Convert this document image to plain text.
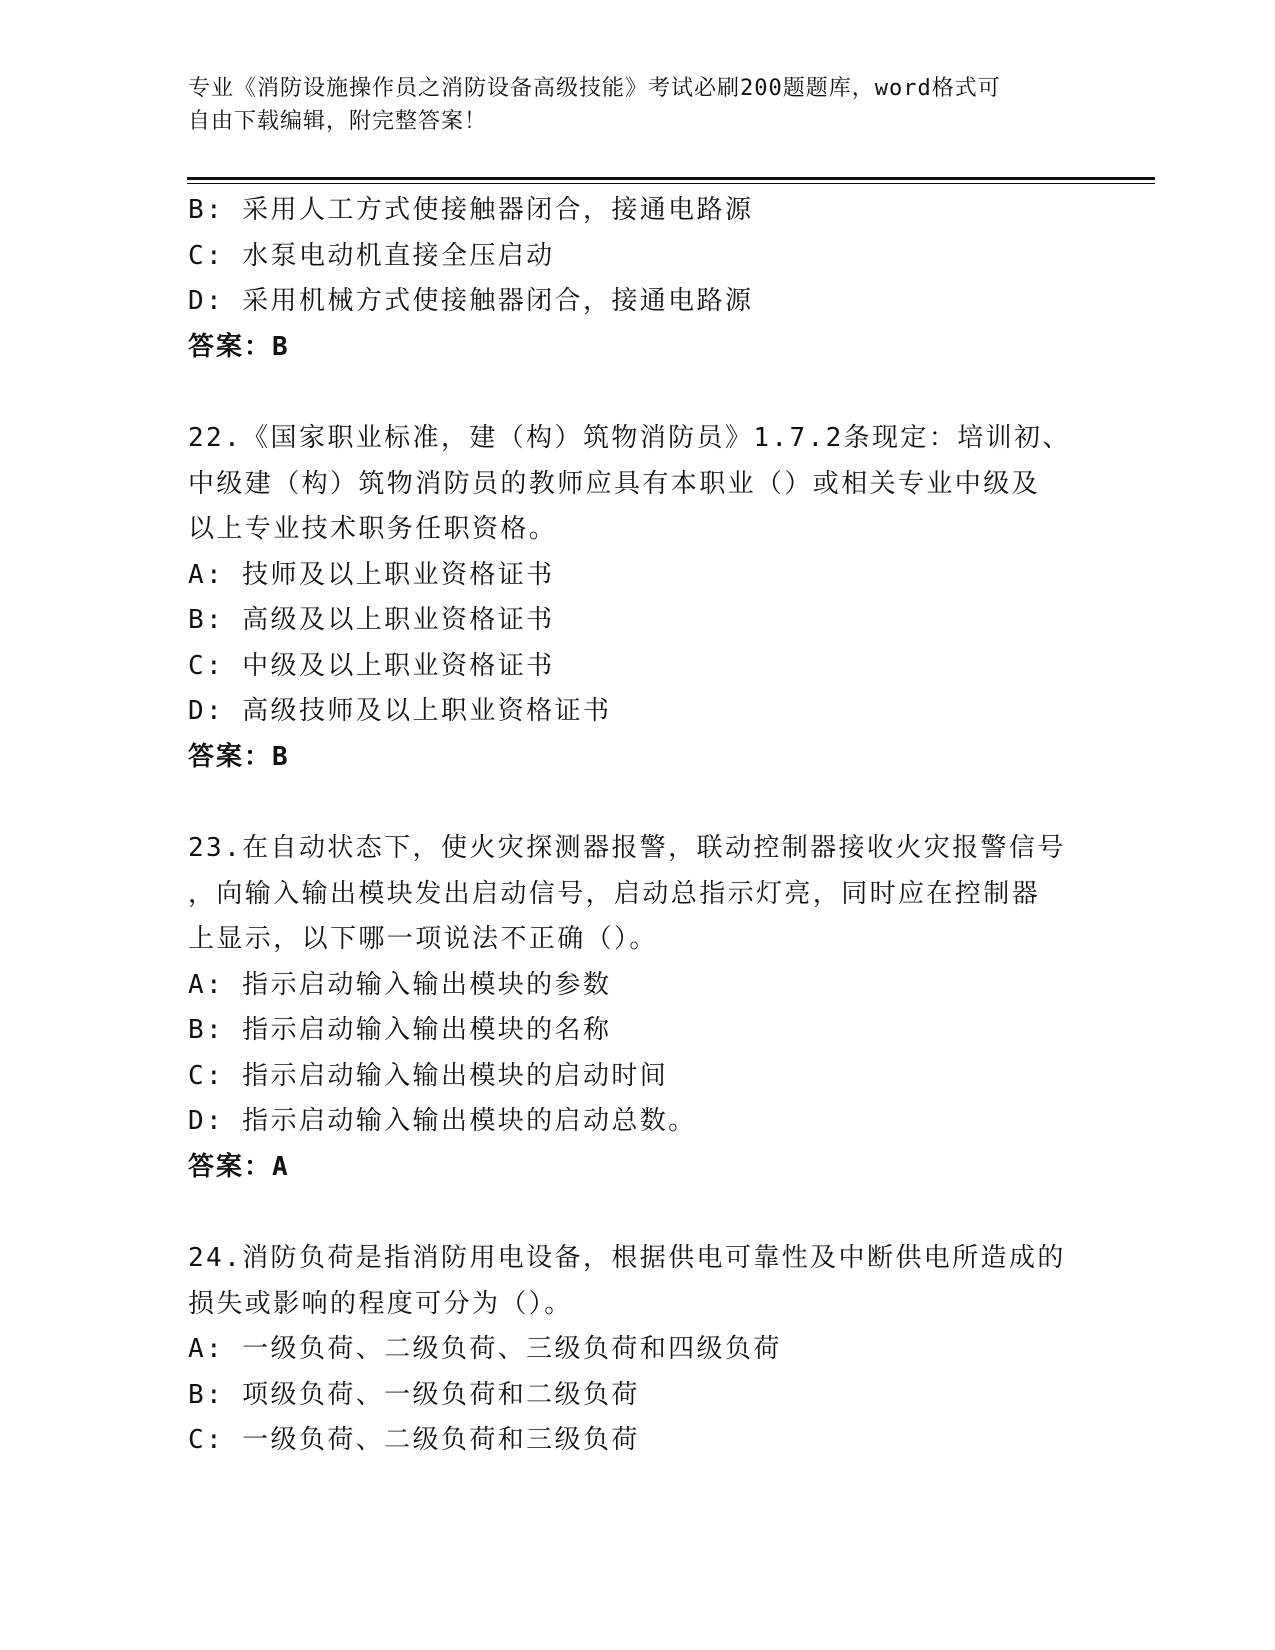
专业《消防设施操作员之消防设备高级技能》考试必刷200题题库，word格式可
自由下载编辑，附完整答案！
B: 采用人工方式使接触器闭合，接通电路源
C: 水泵电动机直接全压启动
D: 采用机械方式使接触器闭合，接通电路源
答案：B
22.《国家职业标准，建（构）筑物消防员》1.7.2条现定：培训初、
中级建（构）筑物消防员的教师应具有本职业（）或相关专业中级及
以上专业技术职务任职资格。
A: 技师及以上职业资格证书
B: 高级及以上职业资格证书
C: 中级及以上职业资格证书
D: 高级技师及以上职业资格证书
答案：B
23.在自动状态下，使火灾探测器报警，联动控制器接收火灾报警信号
，向输入输出模块发出启动信号，启动总指示灯亮，同时应在控制器
上显示，以下哪一项说法不正确（）。
A: 指示启动输入输出模块的参数
B: 指示启动输入输出模块的名称
C: 指示启动输入输出模块的启动时间
D: 指示启动输入输出模块的启动总数。
答案：A
24.消防负荷是指消防用电设备，根据供电可靠性及中断供电所造成的
损失或影响的程度可分为（）。
A: 一级负荷、二级负荷、三级负荷和四级负荷
B: 项级负荷、一级负荷和二级负荷
C: 一级负荷、二级负荷和三级负荷
